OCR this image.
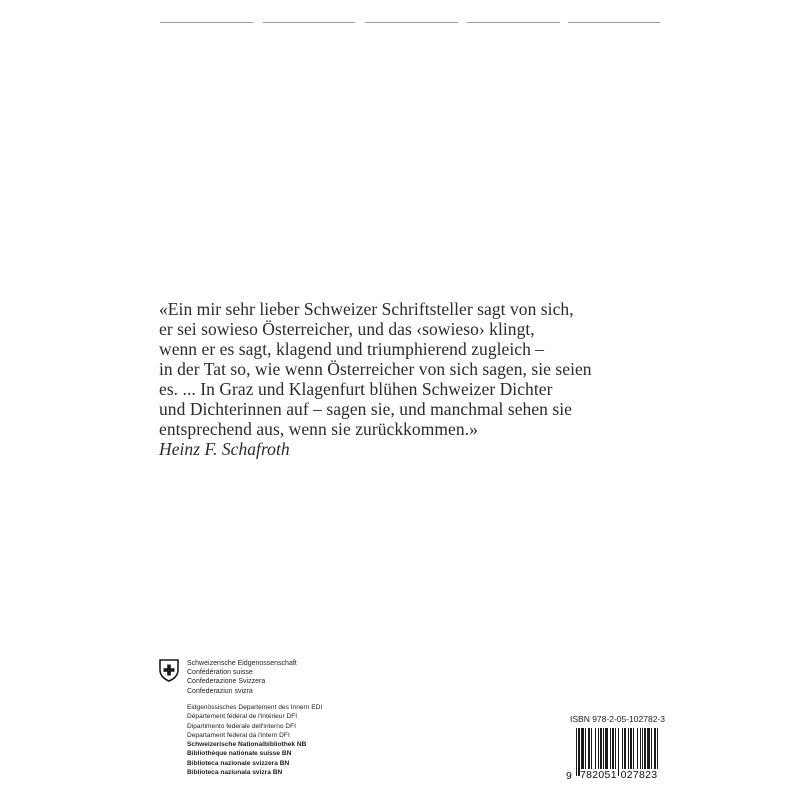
«Ein mir sehr lieber Schweizer Schriftsteller sagt von sich,
er sei sowieso Österreicher, und das ‹sowieso› klingt,
wenn er es sagt, klagend und triumphierend zugleich –
in der Tat so, wie wenn Österreicher von sich sagen, sie seien
es. ... In Graz und Klagenfurt blühen Schweizer Dichter
und Dichterinnen auf – sagen sie, und manchmal sehen sie
entsprechend aus, wenn sie zurückkommen.»
Heinz F. Schafroth
Schweizerische Eidgenossenschaft
Confédération suisse
Confederazione Svizzera
Confederaziun svizra
Eidgenössisches Departement des Innern EDI
Département fédéral de l'intérieur DFI
Dipartimento federale dell'interno DFI
Departament federal da l'intern DFI
Schweizerische Nationalbibliothek NB
Bibliothèque nationale suisse BN
Biblioteca nazionale svizzera BN
Biblioteca naziunala svizra BN
ISBN 978-2-05-102782-3
9 782051 027823
